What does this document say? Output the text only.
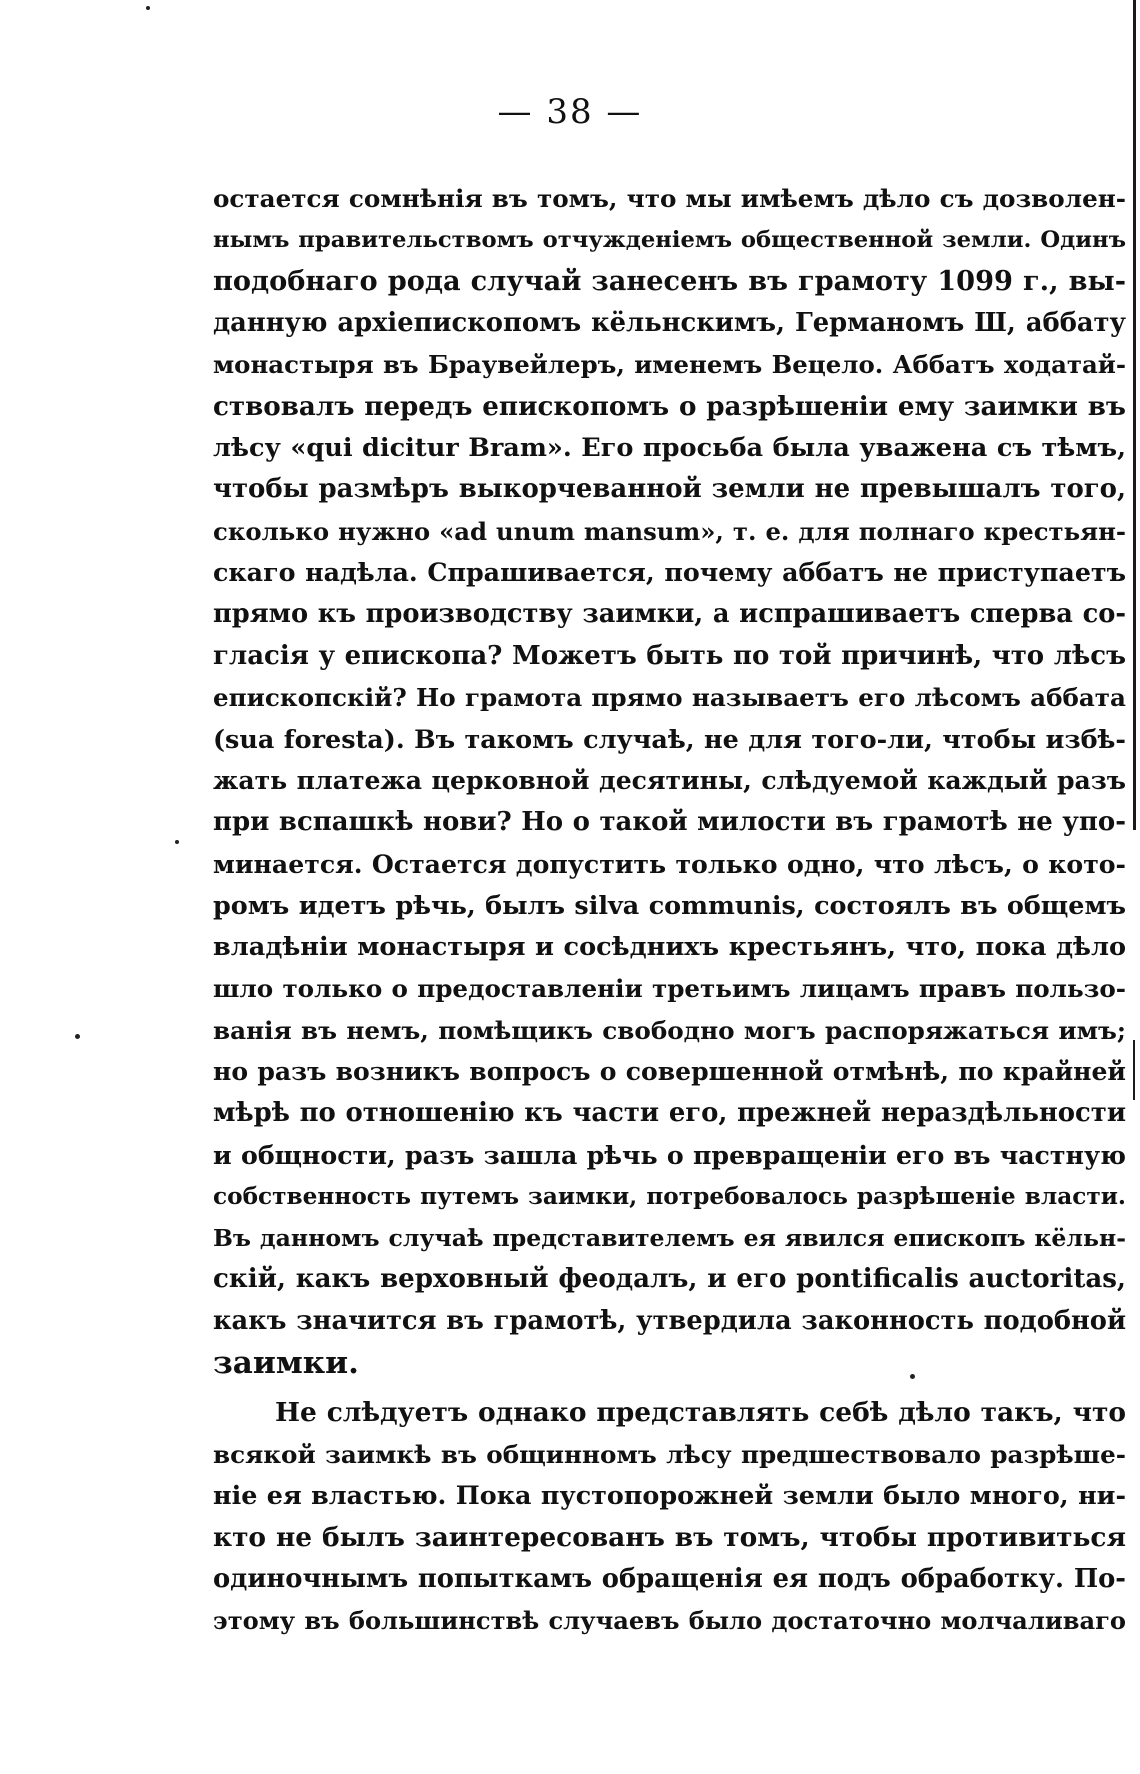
— 38 —
остается сомнѣнія въ томъ, что мы имѣемъ дѣло съ дозволен-
нымъ правительствомъ отчужденіемъ общественной земли. Одинъ
подобнаго рода случай занесенъ въ грамоту 1099 г., вы-
данную архіепископомъ кёльнскимъ, Германомъ Ш, аббату
монастыря въ Браувейлеръ, именемъ Вецело. Аббатъ ходатай-
ствовалъ передъ епископомъ о разрѣшеніи ему заимки въ
лѣсу «qui dicitur Bram». Его просьба была уважена съ тѣмъ,
чтобы размѣръ выкорчеванной земли не превышалъ того,
сколько нужно «ad unum mansum», т. е. для полнаго крестьян-
скаго надѣла. Спрашивается, почему аббатъ не приступаетъ
прямо къ производству заимки, а испрашиваетъ сперва со-
гласія у епископа? Можетъ быть по той причинѣ, что лѣсъ
епископскій? Но грамота прямо называетъ его лѣсомъ аббата
(sua foresta). Въ такомъ случаѣ, не для того-ли, чтобы избѣ-
жать платежа церковной десятины, слѣдуемой каждый разъ
при вспашкѣ нови? Но о такой милости въ грамотѣ не упо-
минается. Остается допустить только одно, что лѣсъ, о кото-
ромъ идетъ рѣчь, былъ silva communis, состоялъ въ общемъ
владѣніи монастыря и сосѣднихъ крестьянъ, что, пока дѣло
шло только о предоставленіи третьимъ лицамъ правъ пользо-
ванія въ немъ, помѣщикъ свободно могъ распоряжаться имъ;
но разъ возникъ вопросъ о совершенной отмѣнѣ, по крайней
мѣрѣ по отношенію къ части его, прежней нераздѣльности
и общности, разъ зашла рѣчь о превращеніи его въ частную
собственность путемъ заимки, потребовалось разрѣшеніе власти.
Въ данномъ случаѣ представителемъ ея явился епископъ кёльн-
скій, какъ верховный феодалъ, и его pontificalis auctoritas,
какъ значится въ грамотѣ, утвердила законность подобной
заимки.
Не слѣдуетъ однако представлять себѣ дѣло такъ, что
всякой заимкѣ въ общинномъ лѣсу предшествовало разрѣше-
ніе ея властью. Пока пустопорожней земли было много, ни-
кто не былъ заинтересованъ въ томъ, чтобы противиться
одиночнымъ попыткамъ обращенія ея подъ обработку. По-
этому въ большинствѣ случаевъ было достаточно молчаливаго
